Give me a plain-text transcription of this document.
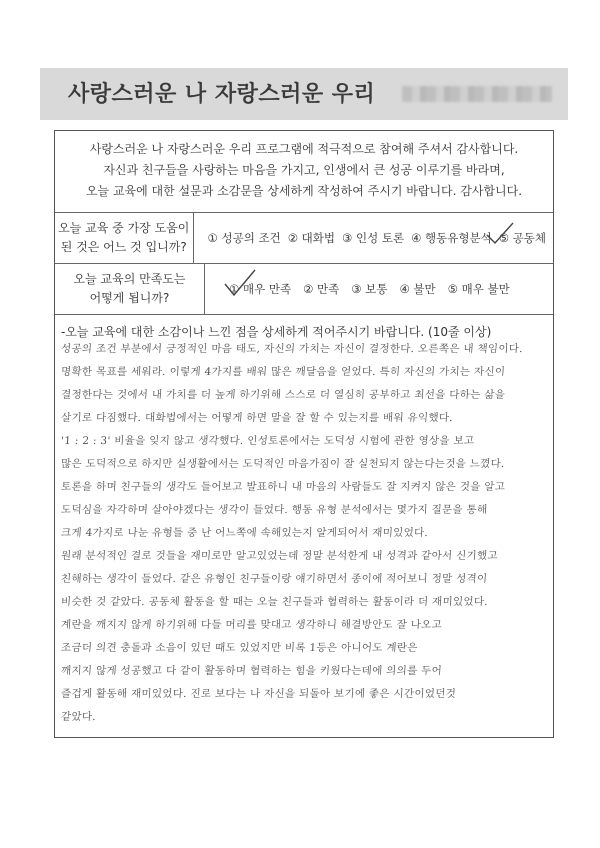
사랑스러운 나 자랑스러운 우리
사랑스러운 나 자랑스러운 우리 프로그램에 적극적으로 참여해 주셔서 감사합니다.
자신과 친구들을 사랑하는 마음을 가지고, 인생에서 큰 성공 이루기를 바라며,
오늘 교육에 대한 설문과 소감문을 상세하게 작성하여 주시기 바랍니다. 감사합니다.
오늘 교육 중 가장 도움이
된 것은 어느 것 입니까?
① 성공의 조건 ② 대화법 ③ 인성 토론 ④ 행동유형분석 ⑤ 공동체
오늘 교육의 만족도는
어떻게 됩니까?
① 매우 만족 ② 만족 ③ 보통 ④ 불만 ⑤ 매우 불만
-오늘 교육에 대한 소감이나 느낀 점을 상세하게 적어주시기 바랍니다. (10줄 이상)
성공의 조건 부분에서 긍정적인 마음 태도, 자신의 가치는 자신이 결정한다. 오른쪽은 내 책임이다.
명확한 목표를 세워라. 이렇게 4가지를 배워 많은 깨달음을 얻었다. 특히 자신의 가치는 자신이
결정한다는 것에서 내 가치를 더 높게 하기위해 스스로 더 열심히 공부하고 최선을 다하는 삶을
살기로 다짐했다. 대화법에서는 어떻게 하면 말을 잘 할 수 있는지를 배워 유익했다.
'1 : 2 : 3' 비율을 잊지 않고 생각했다. 인성토론에서는 도덕성 시험에 관한 영상을 보고
많은 도덕적으로 하지만 실생활에서는 도덕적인 마음가짐이 잘 실천되지 않는다는것을 느꼈다.
토론을 하며 친구들의 생각도 들어보고 발표하니 내 마음의 사람들도 잘 지켜지 않은 것을 알고
도덕심을 자각하며 살아야겠다는 생각이 들었다. 행동 유형 분석에서는 몇가지 질문을 통해
크게 4가지로 나눈 유형들 중 난 어느쪽에 속해있는지 알게되어서 재미있었다.
원래 분석적인 결로 것들을 재미로만 알고있었는데 정말 분석한게 내 성격과 같아서 신기했고
친해하는 생각이 들었다. 같은 유형인 친구들이랑 얘기하면서 종이에 적어보니 정말 성격이
비슷한 것 같았다. 공동체 활동을 할 때는 오늘 친구들과 협력하는 활동이라 더 재미있었다.
계란을 깨지지 않게 하기위해 다들 머리를 맞대고 생각하니 해결방안도 잘 나오고
조금더 의견 충돌과 소음이 있던 때도 있었지만 비록 1등은 아니어도 계란은
깨지지 않게 성공했고 다 같이 활동하며 협력하는 힘을 키웠다는데에 의의를 두어
즐겁게 활동해 재미있었다. 진로 보다는 나 자신을 되돌아 보기에 좋은 시간이었던것
같았다.
